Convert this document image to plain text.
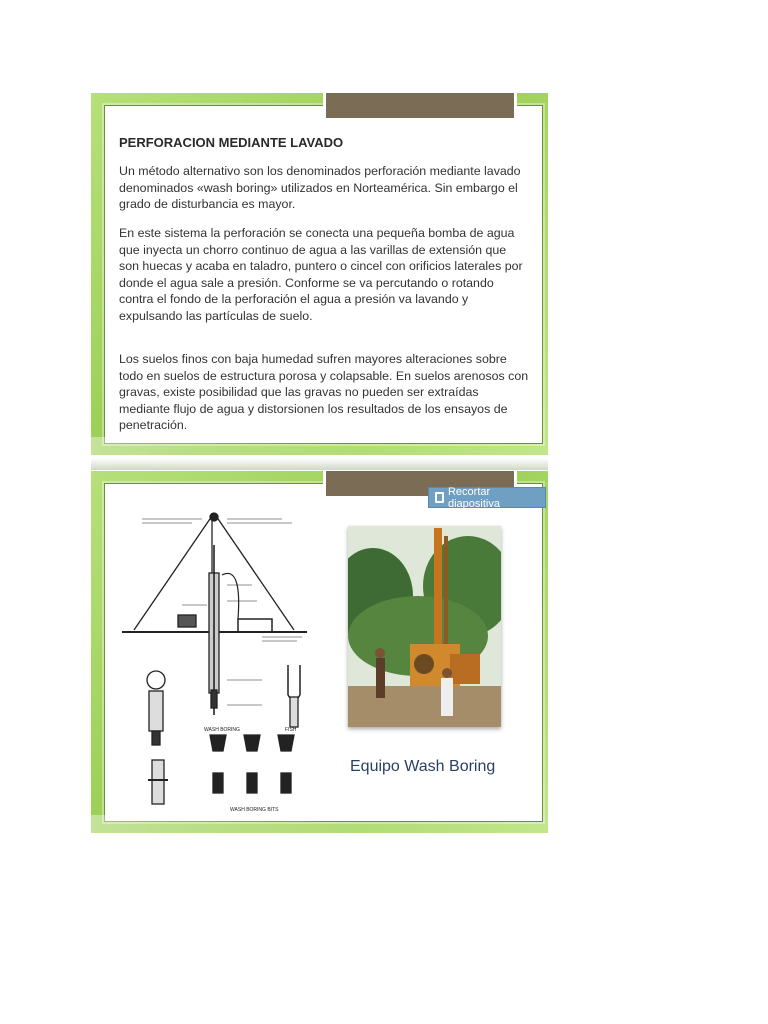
PERFORACION MEDIANTE LAVADO

Un método alternativo son los denominados perforación mediante lavado denominados «wash boring» utilizados en Norteamérica. Sin embargo el grado de disturbancia es mayor.

En este sistema la perforación se conecta una pequeña bomba de agua que inyecta un chorro continuo de agua a las varillas de extensión que son huecas y acaba en taladro, puntero o cincel con orificios laterales por donde el agua sale a presión. Conforme se va percutando o rotando contra el fondo de la perforación el agua a presión va lavando y expulsando las partículas de suelo.

Los suelos finos con baja humedad sufren mayores alteraciones sobre todo en suelos de estructura porosa y colapsable. En suelos arenosos con gravas, existe posibilidad que las gravas no pueden ser extraídas mediante flujo de agua y distorsionen los resultados de los ensayos de penetración.

Recortar diapositiva
WASH BORING	FISH
WASH BORING BITS
Equipo Wash Boring
